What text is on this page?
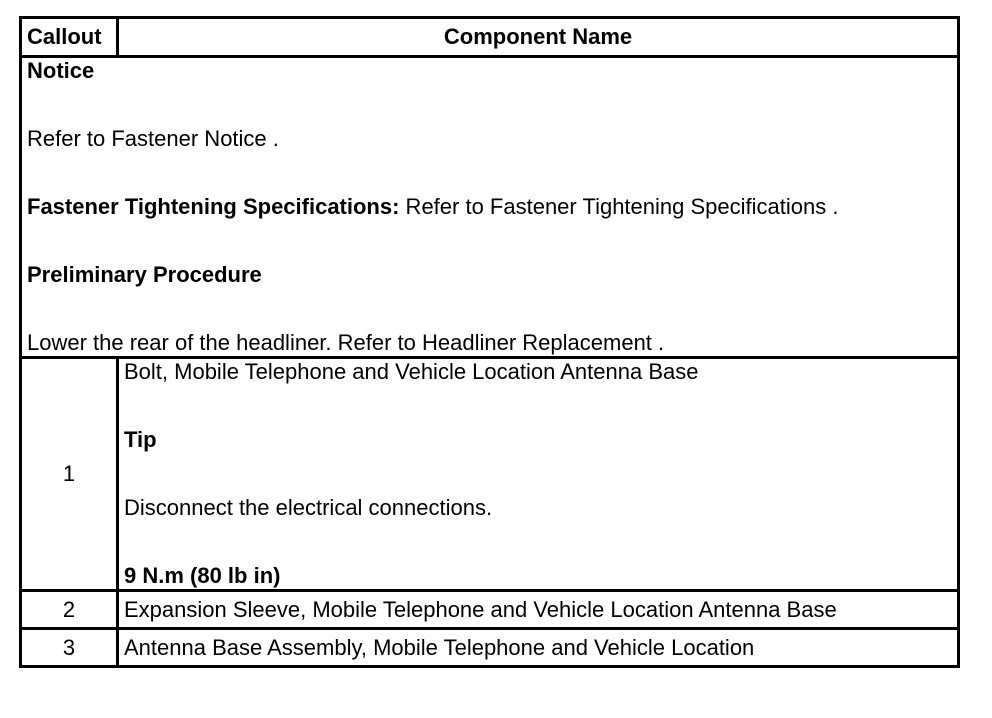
Callout	Component Name

Notice

Refer to Fastener Notice .

Fastener Tightening Specifications: Refer to Fastener Tightening Specifications .

Preliminary Procedure

Lower the rear of the headliner. Refer to Headliner Replacement .	

1	Bolt, Mobile Telephone and Vehicle Location Antenna Base

Tip

Disconnect the electrical connections.

9 N.m (80 lb in)

2	Expansion Sleeve, Mobile Telephone and Vehicle Location Antenna Base
3	Antenna Base Assembly, Mobile Telephone and Vehicle Location
